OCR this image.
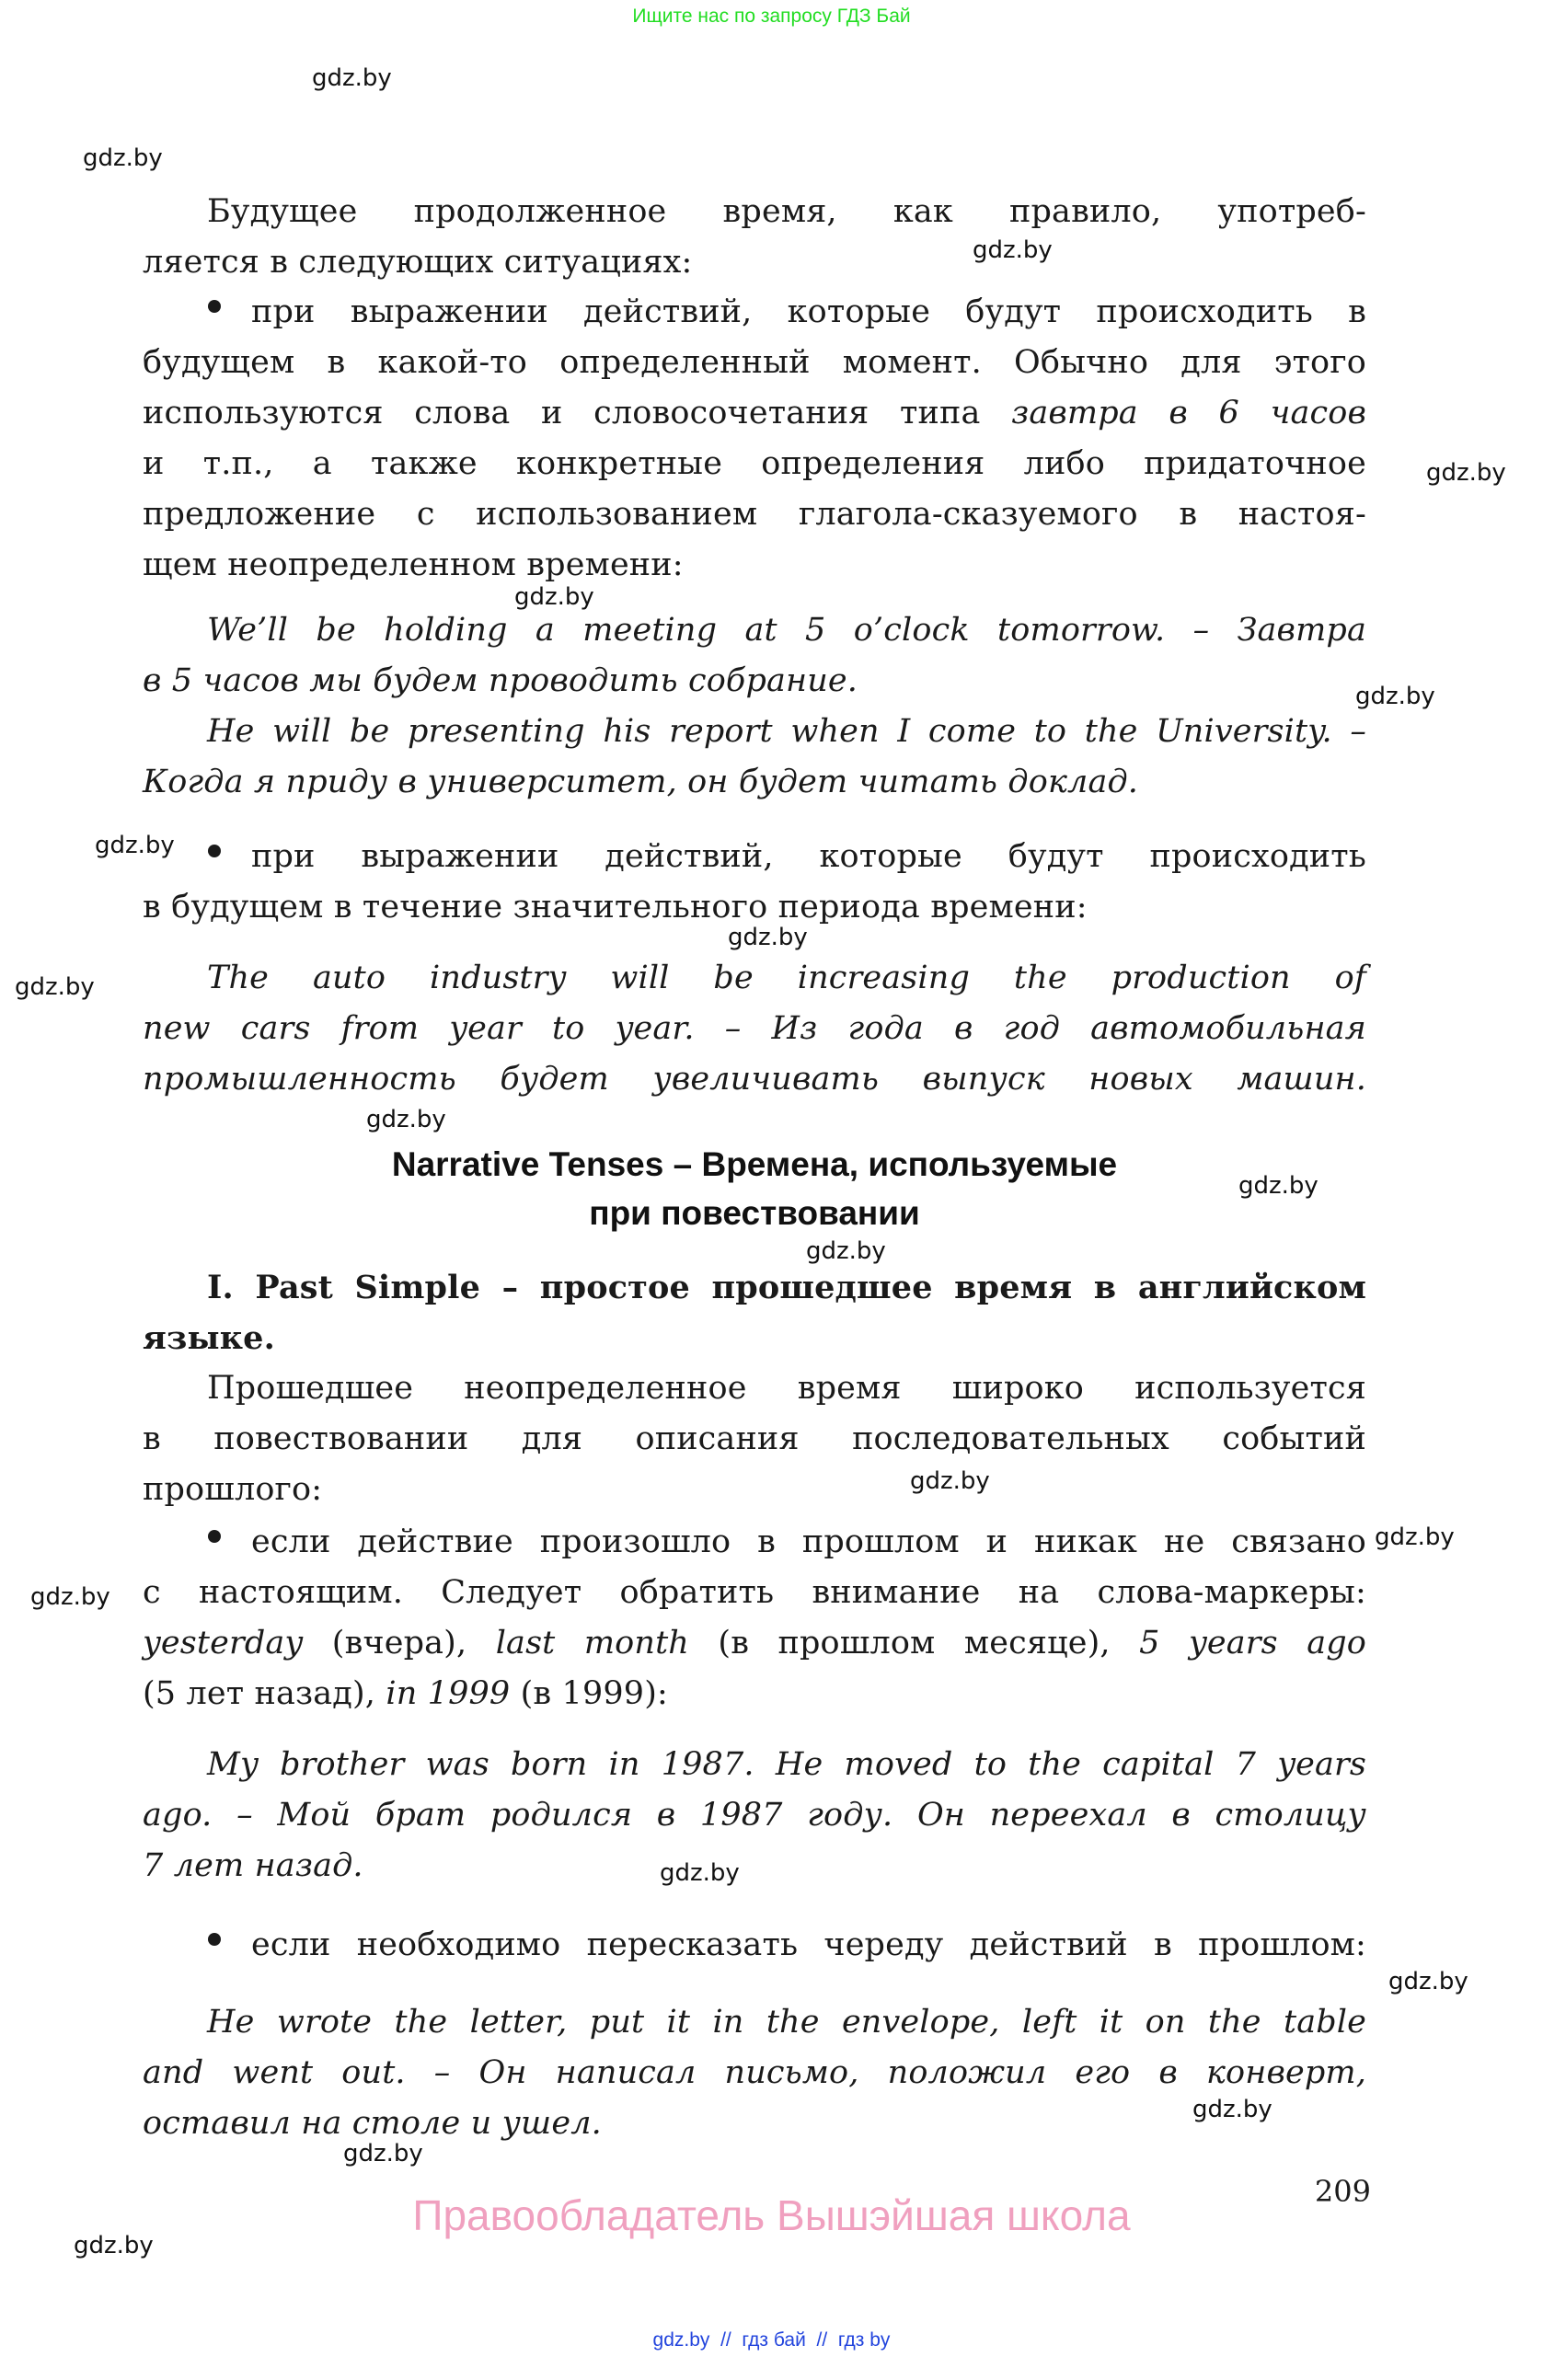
Ищите нас по запросу ГДЗ Бай
gdz.by
gdz.by
gdz.by
gdz.by
gdz.by
gdz.by
gdz.by
gdz.by
gdz.by
gdz.by
gdz.by
gdz.by
gdz.by
gdz.by
gdz.by
gdz.by
gdz.by
gdz.by
gdz.by
gdz.by
Будущее продолженное время, как правило, употреб-
ляется в следующих ситуациях:
при выражении действий, которые будут происходить в
будущем в какой-то определенный момент. Обычно для этого
используются слова и словосочетания типа завтра в 6 часов
и т.п., а также конкретные определения либо придаточное
предложение с использованием глагола-сказуемого в настоя-
щем неопределенном времени:
We’ll be holding a meeting at 5 o’clock tomorrow. – Завтра
в 5 часов мы будем проводить собрание.
He will be presenting his report when I come to the University. –
Когда я приду в университет, он будет читать доклад.
при выражении действий, которые будут происходить
в будущем в течение значительного периода времени:
The auto industry will be increasing the production of
new cars from year to year. – Из года в год автомобильная
промышленность будет увеличивать выпуск новых машин.
Narrative Tenses – Времена, используемые
при повествовании
I. Past Simple – простое прошедшее время в английском
языке.
Прошедшее неопределенное время широко используется
в повествовании для описания последовательных событий
прошлого:
если действие произошло в прошлом и никак не связано
с настоящим. Следует обратить внимание на слова-маркеры:
yesterday (вчера), last month (в прошлом месяце), 5 years ago
(5 лет назад), in 1999 (в 1999):
My brother was born in 1987. He moved to the capital 7 years
ago. – Мой брат родился в 1987 году. Он переехал в столицу
7 лет назад.
если необходимо пересказать череду действий в прошлом:
He wrote the letter, put it in the envelope, left it on the table
and went out. – Он написал письмо, положил его в конверт,
оставил на столе и ушел.
209
Правообладатель Вышэйшая школа
gdz.by  //  гдз бай  //  гдз by
